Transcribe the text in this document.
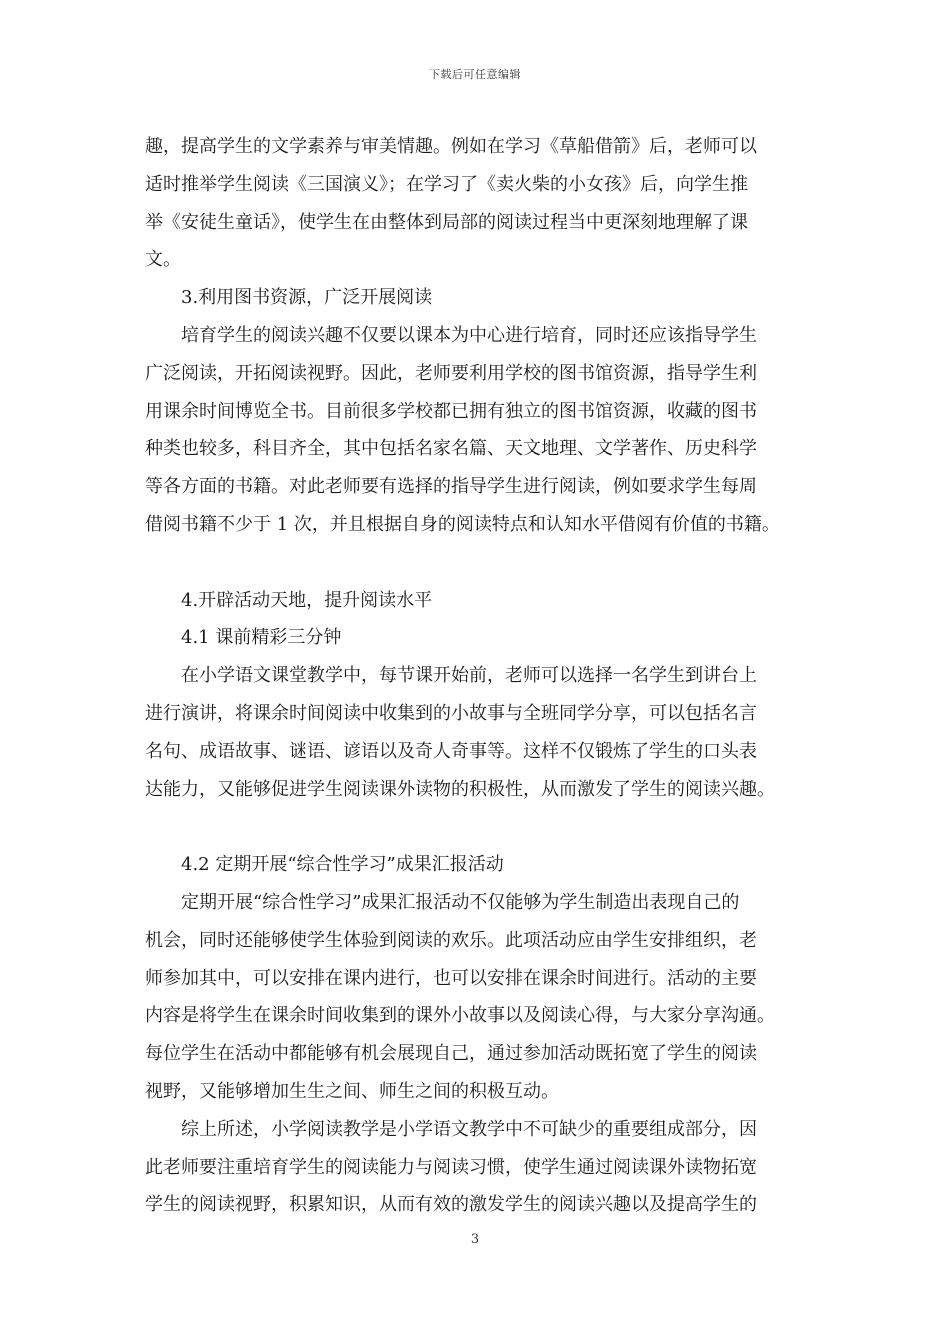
下载后可任意编辑
趣，提高学生的文学素养与审美情趣。例如在学习《草船借箭》后，老师可以
适时推举学生阅读《三国演义》；在学习了《卖火柴的小女孩》后，向学生推
举《安徒生童话》，使学生在由整体到局部的阅读过程当中更深刻地理解了课
文。
3.利用图书资源，广泛开展阅读
培育学生的阅读兴趣不仅要以课本为中心进行培育，同时还应该指导学生
广泛阅读，开拓阅读视野。因此，老师要利用学校的图书馆资源，指导学生利
用课余时间博览全书。目前很多学校都已拥有独立的图书馆资源，收藏的图书
种类也较多，科目齐全，其中包括名家名篇、天文地理、文学著作、历史科学
等各方面的书籍。对此老师要有选择的指导学生进行阅读，例如要求学生每周
借阅书籍不少于 1 次，并且根据自身的阅读特点和认知水平借阅有价值的书籍。
4.开辟活动天地，提升阅读水平
4.1 课前精彩三分钟
在小学语文课堂教学中，每节课开始前，老师可以选择一名学生到讲台上
进行演讲，将课余时间阅读中收集到的小故事与全班同学分享，可以包括名言
名句、成语故事、谜语、谚语以及奇人奇事等。这样不仅锻炼了学生的口头表
达能力，又能够促进学生阅读课外读物的积极性，从而激发了学生的阅读兴趣。
4.2 定期开展“综合性学习”成果汇报活动
定期开展“综合性学习”成果汇报活动不仅能够为学生制造出表现自己的
机会，同时还能够使学生体验到阅读的欢乐。此项活动应由学生安排组织，老
师参加其中，可以安排在课内进行，也可以安排在课余时间进行。活动的主要
内容是将学生在课余时间收集到的课外小故事以及阅读心得，与大家分享沟通。
每位学生在活动中都能够有机会展现自己，通过参加活动既拓宽了学生的阅读
视野，又能够增加生生之间、师生之间的积极互动。
综上所述，小学阅读教学是小学语文教学中不可缺少的重要组成部分，因
此老师要注重培育学生的阅读能力与阅读习惯，使学生通过阅读课外读物拓宽
学生的阅读视野，积累知识，从而有效的激发学生的阅读兴趣以及提高学生的
3
